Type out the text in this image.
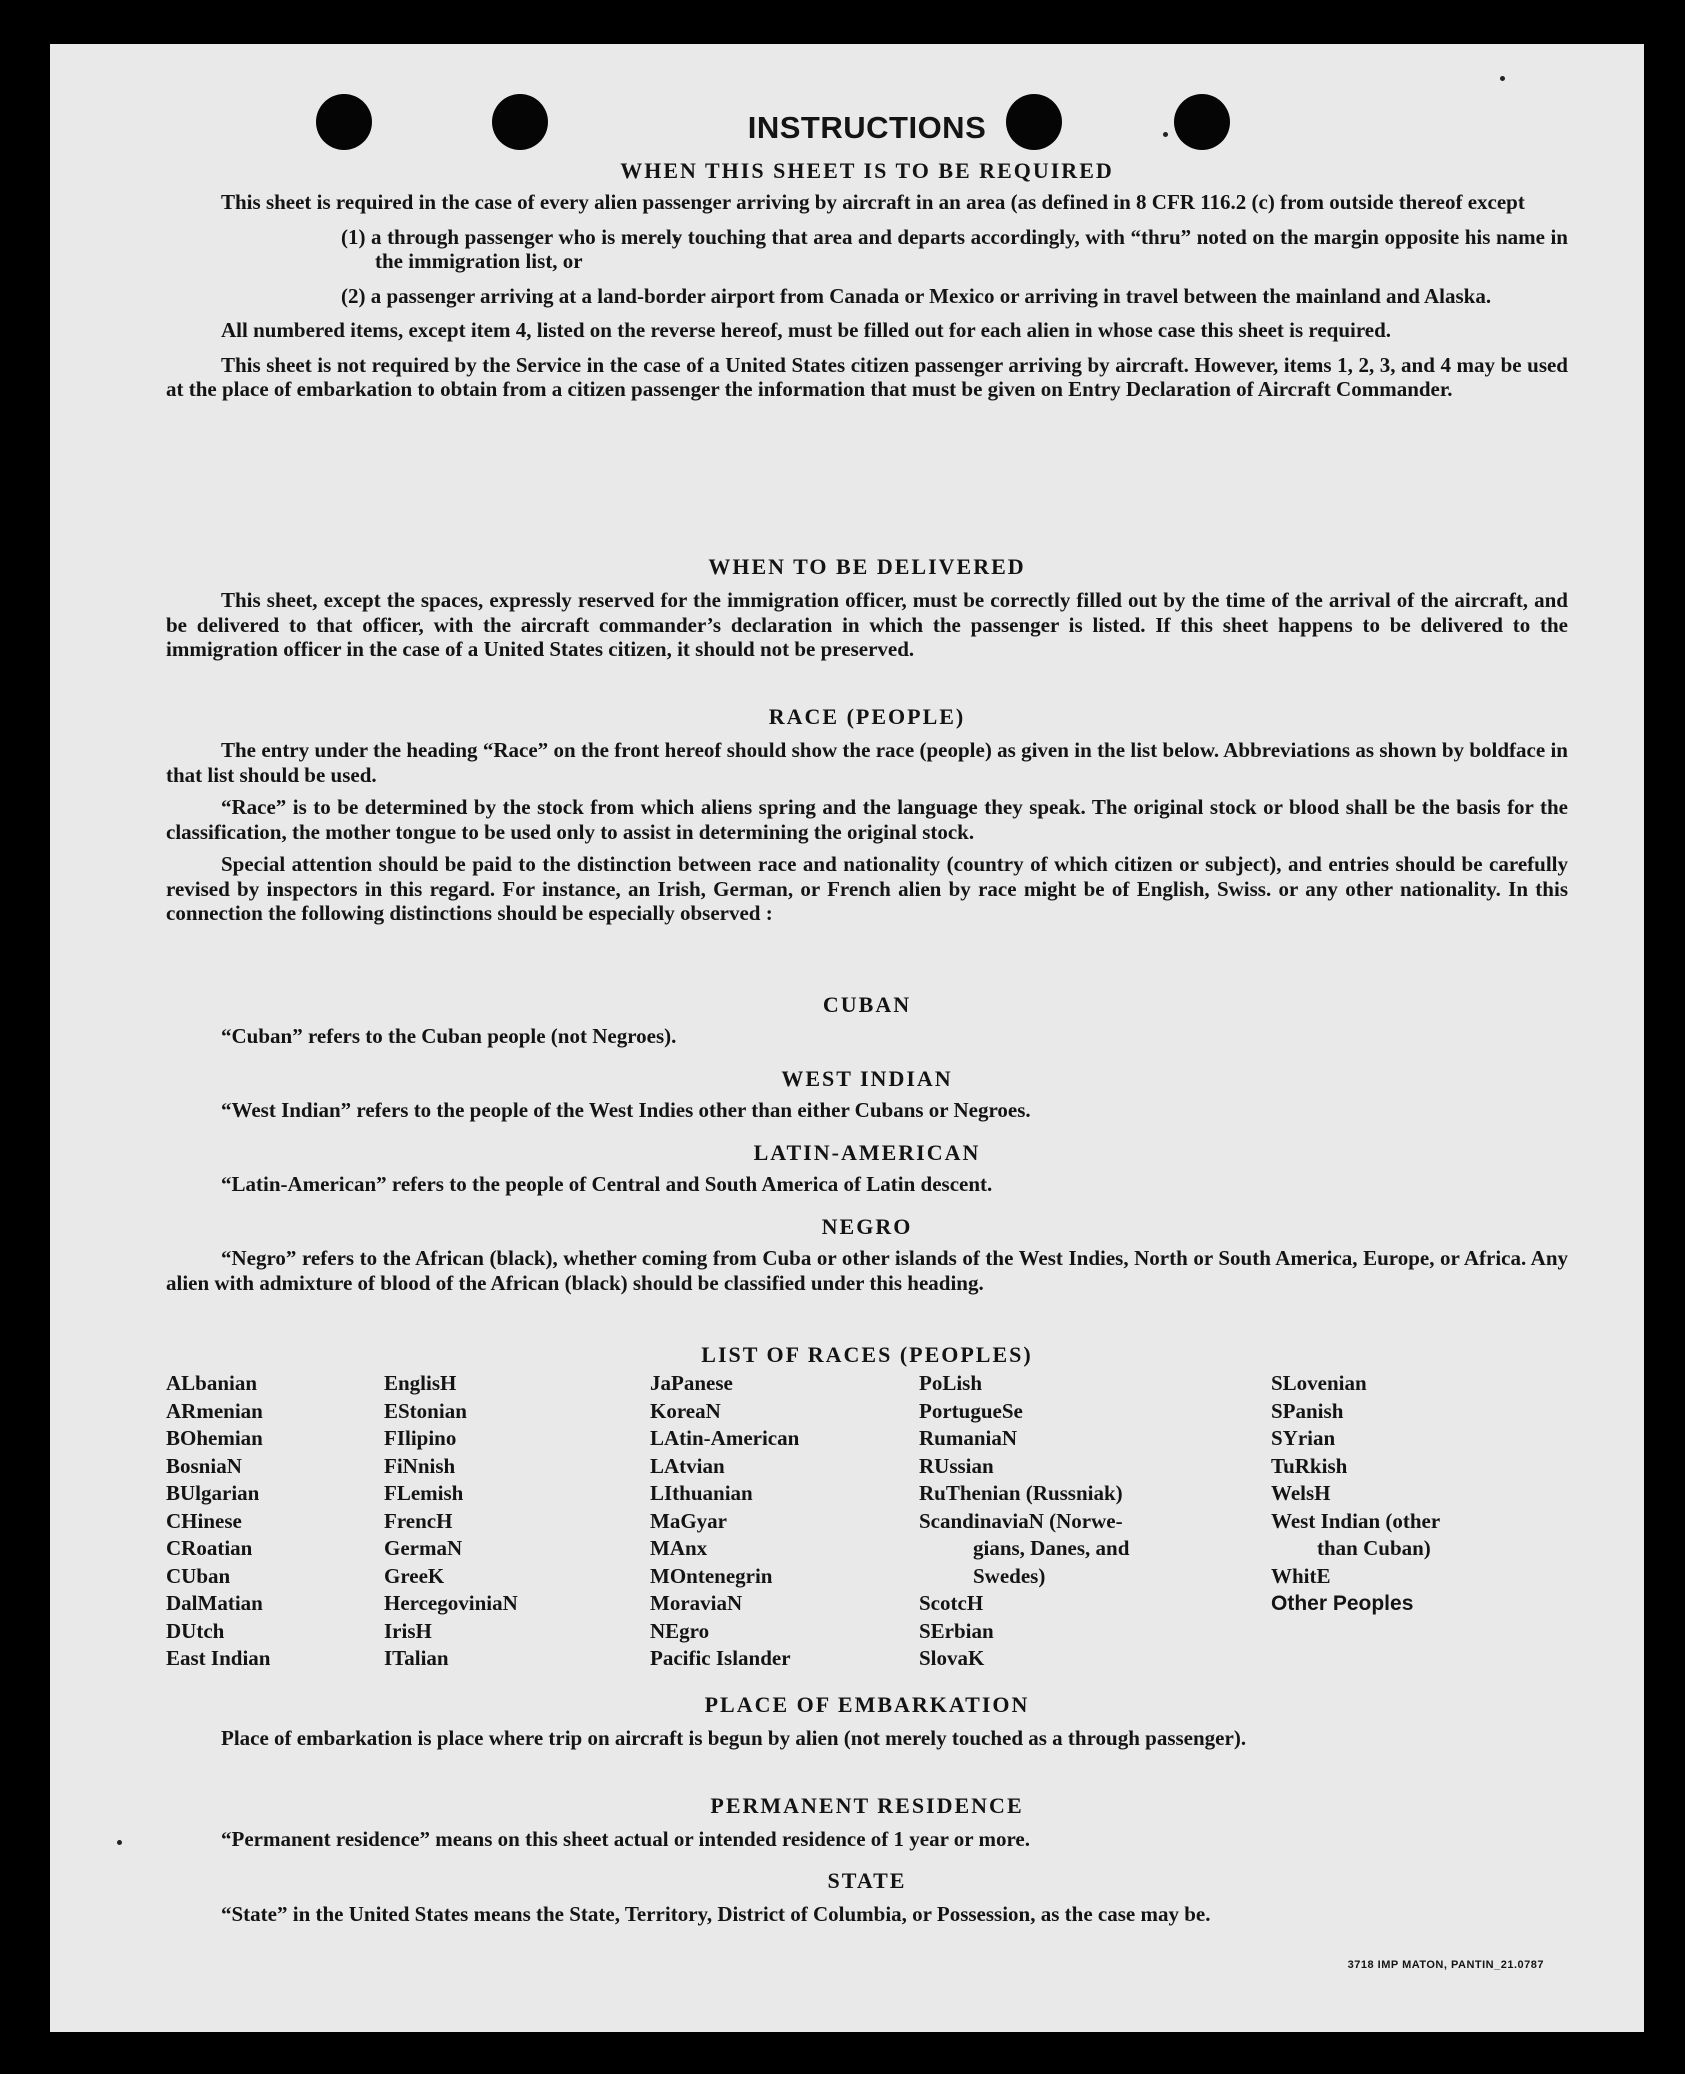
INSTRUCTIONS
WHEN THIS SHEET IS TO BE REQUIRED

This sheet is required in the case of every alien passenger arriving by aircraft in an area (as defined in 8 CFR 116.2 (c) from outside thereof except

(1) a through passenger who is merely touching that area and departs accordingly, with “thru” noted on the margin opposite his name in the immigration list, or

(2) a passenger arriving at a land-border airport from Canada or Mexico or arriving in travel between the mainland and Alaska.

All numbered items, except item 4, listed on the reverse hereof, must be filled out for each alien in whose case this sheet is required.

This sheet is not required by the Service in the case of a United States citizen passenger arriving by aircraft. However, items 1, 2, 3, and 4 may be used at the place of embarkation to obtain from a citizen passenger the information that must be given on Entry Declaration of Aircraft Commander.

WHEN TO BE DELIVERED

This sheet, except the spaces, expressly reserved for the immigration officer, must be correctly filled out by the time of the arrival of the aircraft, and be delivered to that officer, with the aircraft commander’s declaration in which the passenger is listed. If this sheet happens to be delivered to the immigration officer in the case of a United States citizen, it should not be preserved.

RACE (PEOPLE)

The entry under the heading “Race” on the front hereof should show the race (people) as given in the list below. Abbreviations as shown by boldface in that list should be used.

“Race” is to be determined by the stock from which aliens spring and the language they speak. The original stock or blood shall be the basis for the classification, the mother tongue to be used only to assist in determining the original stock.

Special attention should be paid to the distinction between race and nationality (country of which citizen or subject), and entries should be carefully revised by inspectors in this regard. For instance, an Irish, German, or French alien by race might be of English, Swiss. or any other nationality. In this connection the following distinctions should be especially observed :

CUBAN

“Cuban” refers to the Cuban people (not Negroes).

WEST INDIAN

“West Indian” refers to the people of the West Indies other than either Cubans or Negroes.

LATIN-AMERICAN

“Latin-American” refers to the people of Central and South America of Latin descent.

NEGRO

“Negro” refers to the African (black), whether coming from Cuba or other islands of the West Indies, North or South America, Europe, or Africa. Any alien with admixture of blood of the African (black) should be classified under this heading.

LIST OF RACES (PEOPLES)
ALbanian
ARmenian
BOhemian
BosniaN
BUlgarian
CHinese
CRoatian
CUban
DalMatian
DUtch
East Indian
EnglisH
EStonian
FIlipino
FiNnish
FLemish
FrencH
GermaN
GreeK
HercegoviniaN
IrisH
ITalian
JaPanese
KoreaN
LAtin-American
LAtvian
LIthuanian
MaGyar
MAnx
MOntenegrin
MoraviaN
NEgro
Pacific Islander
PoLish
PortugueSe
RumaniaN
RUssian
RuThenian (Russniak)
ScandinaviaN (Norwe-
gians, Danes, and
Swedes)
ScotcH
SErbian
SlovaK
SLovenian
SPanish
SYrian
TuRkish
WelsH
West Indian (other
than Cuban)
WhitE
Other Peoples
PLACE OF EMBARKATION

Place of embarkation is place where trip on aircraft is begun by alien (not merely touched as a through passenger).

PERMANENT RESIDENCE

“Permanent residence” means on this sheet actual or intended residence of 1 year or more.

STATE

“State” in the United States means the State, Territory, District of Columbia, or Possession, as the case may be.

3718 IMP MATON, PANTIN_21.0787
